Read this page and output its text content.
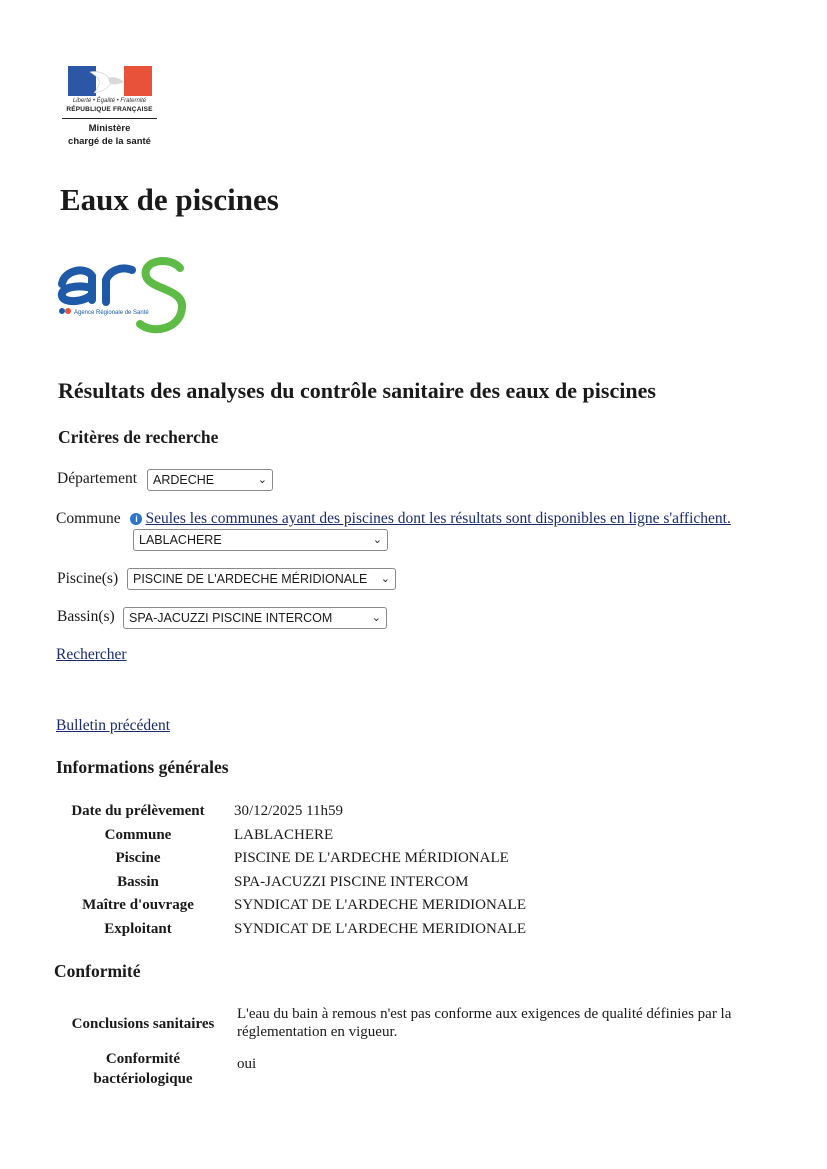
Liberté • Égalité • Fraternité
RÉPUBLIQUE FRANÇAISE
Ministère
chargé de la santé
Eaux de piscines
Agence Régionale de Santé
Résultats des analyses du contrôle sanitaire des eaux de piscines
Critères de recherche
Département	ARDECHE	⌄
Commune i Seules les communes ayant des piscines dont les résultats sont disponibles en ligne s'affichent.
LABLACHERE	⌄
Piscine(s)	PISCINE DE L'ARDECHE MÉRIDIONALE ⌄
Bassin(s)	SPA-JACUZZI PISCINE INTERCOM	⌄
Rechercher
Bulletin précédent
Informations générales
Date du prélèvement	30/12/2025 11h59
Commune	LABLACHERE
Piscine	PISCINE DE L'ARDECHE MÉRIDIONALE
Bassin	SPA-JACUZZI PISCINE INTERCOM
Maître d'ouvrage	SYNDICAT DE L'ARDECHE MERIDIONALE
Exploitant	SYNDICAT DE L'ARDECHE MERIDIONALE
Conformité
Conclusions sanitaires	L'eau du bain à remous n'est pas conforme aux exigences de qualité définies par la réglementation en vigueur.

Conformité
bactériologique	oui
